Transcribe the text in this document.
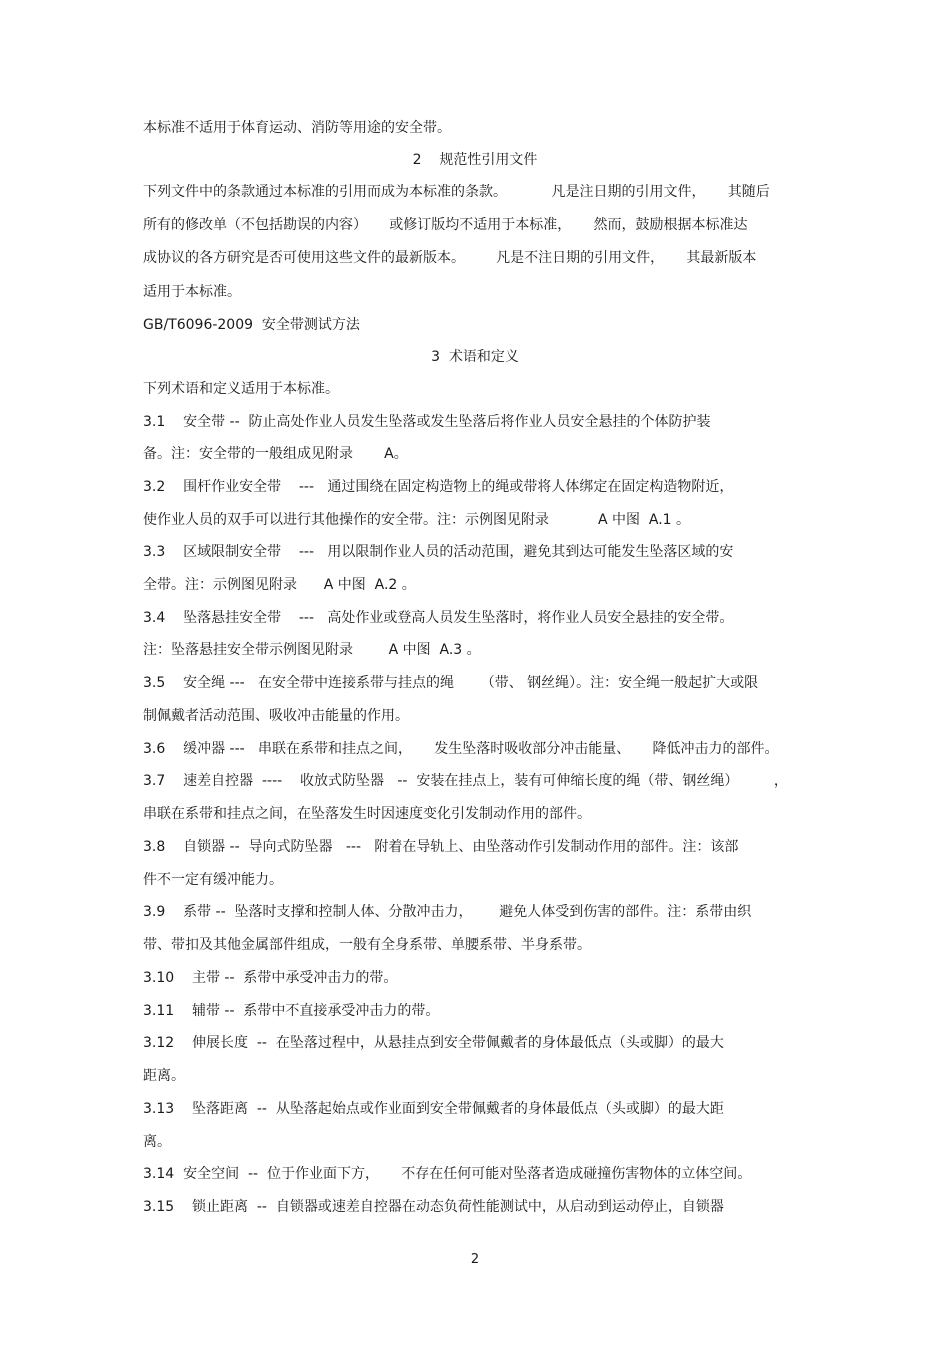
本标准不适用于体育运动、消防等用途的安全带。
2    规范性引用文件
下列文件中的条款通过本标准的引用而成为本标准的条款。          凡是注日期的引用文件，     其随后
所有的修改单（不包括勘误的内容）     或修订版均不适用于本标准，     然而，鼓励根据本标准达
成协议的各方研究是否可使用这些文件的最新版本。       凡是不注日期的引用文件，     其最新版本
适用于本标准。
GB/T6096-2009  安全带测试方法
3  术语和定义
下列术语和定义适用于本标准。
3.1    安全带 --  防止高处作业人员发生坠落或发生坠落后将作业人员安全悬挂的个体防护装
备。注：安全带的一般组成见附录       A。
3.2    围杆作业安全带    ---   通过围绕在固定构造物上的绳或带将人体绑定在固定构造物附近，
使作业人员的双手可以进行其他操作的安全带。注：示例图见附录           A 中图  A.1 。
3.3    区域限制安全带    ---   用以限制作业人员的活动范围，避免其到达可能发生坠落区域的安
全带。注：示例图见附录      A 中图  A.2 。
3.4    坠落悬挂安全带    ---   高处作业或登高人员发生坠落时，将作业人员安全悬挂的安全带。
注：坠落悬挂安全带示例图见附录        A 中图  A.3 。
3.5    安全绳 ---   在安全带中连接系带与挂点的绳      （带、 钢丝绳）。注：安全绳一般起扩大或限
制佩戴者活动范围、吸收冲击能量的作用。
3.6    缓冲器 ---   串联在系带和挂点之间，     发生坠落时吸收部分冲击能量、     降低冲击力的部件。
3.7    速差自控器  ----    收放式防坠器   --  安装在挂点上，装有可伸缩长度的绳（带、钢丝绳）        ，
串联在系带和挂点之间，在坠落发生时因速度变化引发制动作用的部件。
3.8    自锁器 --  导向式防坠器   ---   附着在导轨上、由坠落动作引发制动作用的部件。注：该部
件不一定有缓冲能力。
3.9    系带 --  坠落时支撑和控制人体、分散冲击力，      避免人体受到伤害的部件。注：系带由织
带、带扣及其他金属部件组成，一般有全身系带、单腰系带、半身系带。
3.10    主带 --  系带中承受冲击力的带。
3.11    辅带 --  系带中不直接承受冲击力的带。
3.12    伸展长度  --  在坠落过程中，从悬挂点到安全带佩戴者的身体最低点（头或脚）的最大
距离。
3.13    坠落距离  --  从坠落起始点或作业面到安全带佩戴者的身体最低点（头或脚）的最大距
离。
3.14  安全空间  --  位于作业面下方，     不存在任何可能对坠落者造成碰撞伤害物体的立体空间。
3.15    锁止距离  --  自锁器或速差自控器在动态负荷性能测试中，从启动到运动停止，自锁器
2
